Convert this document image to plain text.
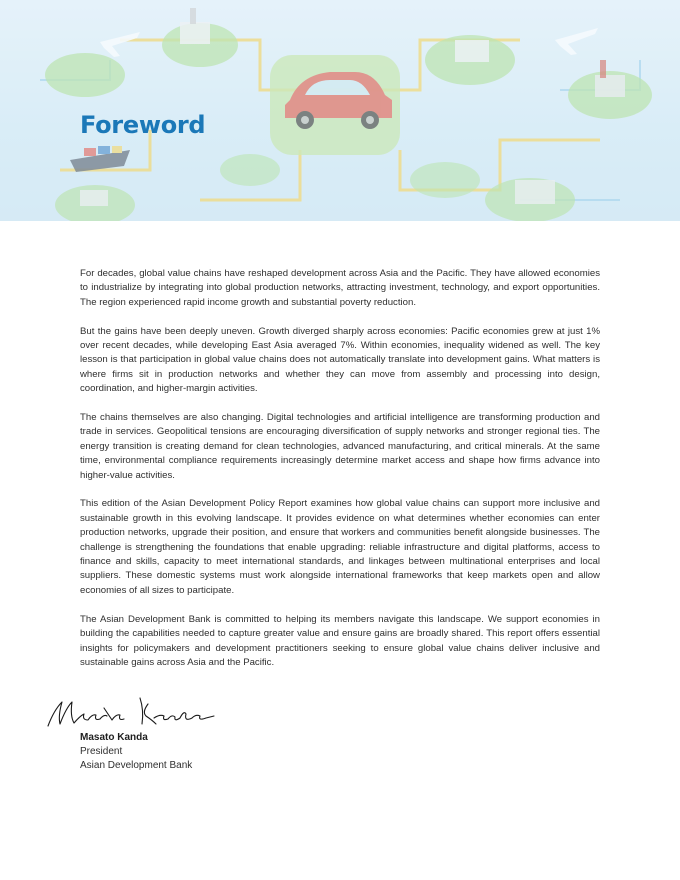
Foreword

For decades, global value chains have reshaped development across Asia and the Pacific. They have allowed economies to industrialize by integrating into global production networks, attracting investment, technology, and export opportunities. The region experienced rapid income growth and substantial poverty reduction.

But the gains have been deeply uneven. Growth diverged sharply across economies: Pacific economies grew at just 1% over recent decades, while developing East Asia averaged 7%. Within economies, inequality widened as well. The key lesson is that participation in global value chains does not automatically translate into development gains. What matters is where firms sit in production networks and whether they can move from assembly and processing into design, coordination, and higher-margin activities.

The chains themselves are also changing. Digital technologies and artificial intelligence are transforming production and trade in services. Geopolitical tensions are encouraging diversification of supply networks and stronger regional ties. The energy transition is creating demand for clean technologies, advanced manufacturing, and critical minerals. At the same time, environmental compliance requirements increasingly determine market access and shape how firms advance into higher-value activities.

This edition of the Asian Development Policy Report examines how global value chains can support more inclusive and sustainable growth in this evolving landscape. It provides evidence on what determines whether economies can enter production networks, upgrade their position, and ensure that workers and communities benefit alongside businesses. The challenge is strengthening the foundations that enable upgrading: reliable infrastructure and digital platforms, access to finance and skills, capacity to meet international standards, and linkages between multinational enterprises and local suppliers. These domestic systems must work alongside international frameworks that keep markets open and allow economies of all sizes to participate.

The Asian Development Bank is committed to helping its members navigate this landscape. We support economies in building the capabilities needed to capture greater value and ensure gains are broadly shared. This report offers essential insights for policymakers and development practitioners seeking to ensure global value chains deliver inclusive and sustainable gains across Asia and the Pacific.

Masato Kanda
President
Asian Development Bank
